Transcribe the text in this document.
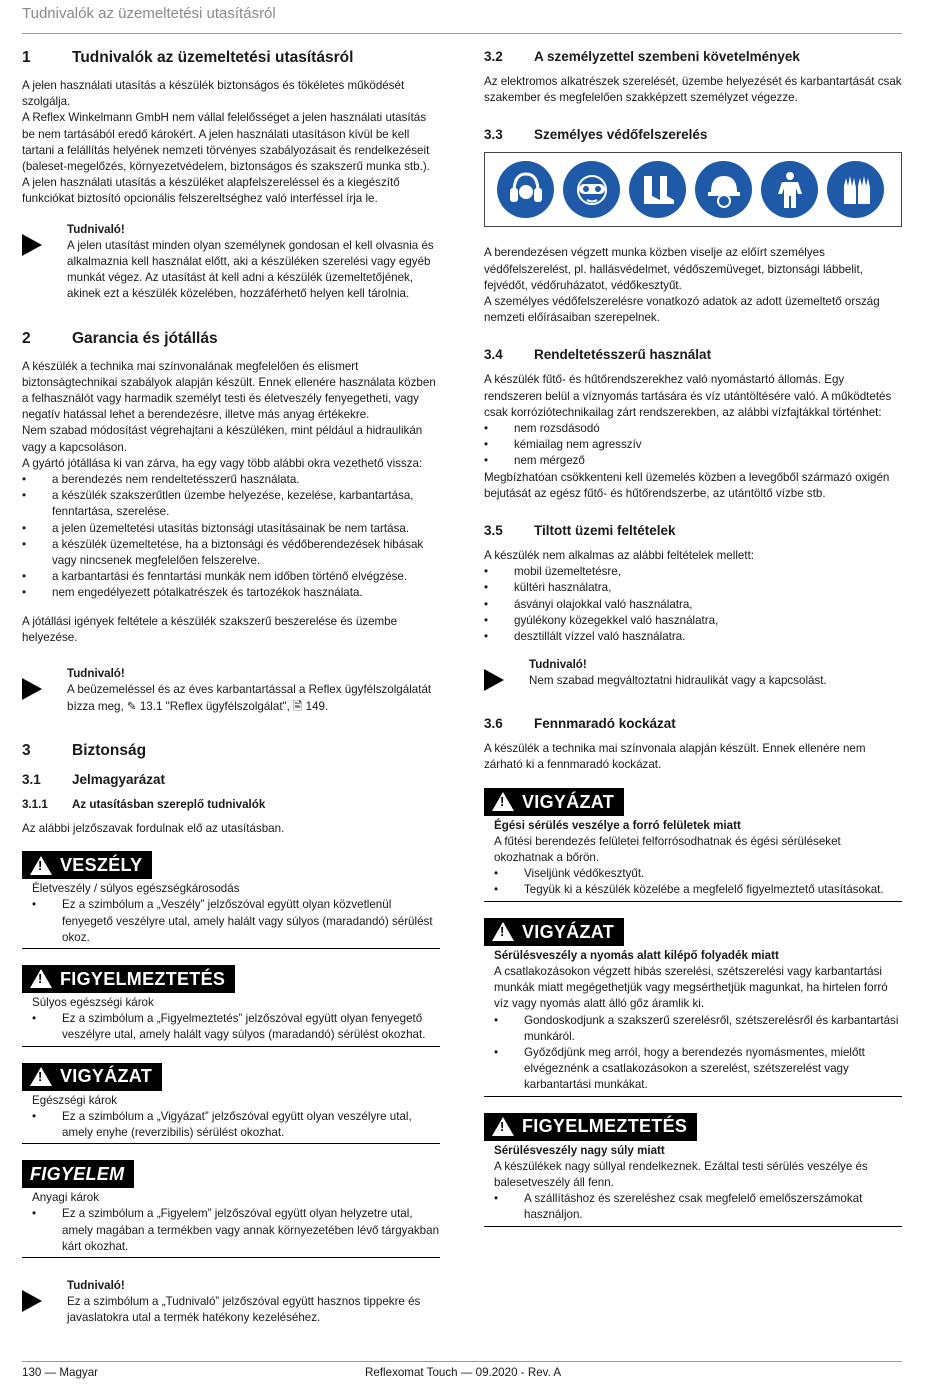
Tudnivalók az üzemeltetési utasításról
1	Tudnivalók az üzemeltetési utasításról

A jelen használati utasítás a készülék biztonságos és tökéletes működését szolgálja.

A Reflex Winkelmann GmbH nem vállal felelősséget a jelen használati utasítás be nem tartásából eredő károkért. A jelen használati utasításon kívül be kell tartani a felállítás helyének nemzeti törvényes szabályozásait és rendelkezéseit (baleset-megelőzés, környezetvédelem, biztonságos és szakszerű munka stb.).

A jelen használati utasítás a készüléket alapfelszereléssel és a kiegészítő funkciókat biztosító opcionális felszereltséghez való interféssel írja le.

Tudnivaló!

A jelen utasítást minden olyan személynek gondosan el kell olvasnia és alkalmaznia kell használat előtt, aki a készüléken szerelési vagy egyéb munkát végez. Az utasítást át kell adni a készülék üzemeltetőjének, akinek ezt a készülék közelében, hozzáférhető helyen kell tárolnia.

2	Garancia és jótállás

A készülék a technika mai színvonalának megfelelően és elismert biztonságtechnikai szabályok alapján készült. Ennek ellenére használata közben a felhasználót vagy harmadik személyt testi és életveszély fenyegetheti, vagy negatív hatással lehet a berendezésre, illetve más anyag értékekre.

Nem szabad módosítást végrehajtani a készüléken, mint például a hidraulikán vagy a kapcsoláson.

A gyártó jótállása ki van zárva, ha egy vagy több alábbi okra vezethető vissza:

• a berendezés nem rendeltetésszerű használata.
• a készülék szakszerűtlen üzembe helyezése, kezelése, karbantartása, fenntartása, szerelése.
• a jelen üzemeltetési utasítás biztonsági utasításainak be nem tartása.
• a készülék üzemeltetése, ha a biztonsági és védőberendezések hibásak vagy nincsenek megfelelően felszerelve.
• a karbantartási és fenntartási munkák nem időben történő elvégzése.
• nem engedélyezett pótalkatrészek és tartozékok használata.

A jótállási igények feltétele a készülék szakszerű beszerelése és üzembe helyezése.

Tudnivaló!

A beüzemeléssel és az éves karbantartással a Reflex ügyfélszolgálatát bízza meg, ✎ 13.1 "Reflex ügyfélszolgálat", 🖹 149.

3	Biztonság
3.1	Jelmagyarázat
3.1.1	Az utasításban szereplő tudnivalók

Az alábbi jelzőszavak fordulnak elő az utasításban.

!
VESZÉLY

Életveszély / súlyos egészségkárosodás

• Ez a szimbólum a „Veszély” jelzőszóval együtt olyan közvetlenül fenyegető veszélyre utal, amely halált vagy súlyos (maradandó) sérülést okoz.
!
FIGYELMEZTETÉS

Súlyos egészségi károk

• Ez a szimbólum a „Figyelmeztetés” jelzőszóval együtt olyan fenyegető veszélyre utal, amely halált vagy súlyos (maradandó) sérülést okozhat.
!
VIGYÁZAT

Egészségi károk

• Ez a szimbólum a „Vigyázat” jelzőszóval együtt olyan veszélyre utal, amely enyhe (reverzibilis) sérülést okozhat.
FIGYELEM

Anyagi károk

• Ez a szimbólum a „Figyelem” jelzőszóval együtt olyan helyzetre utal, amely magában a termékben vagy annak környezetében lévő tárgyakban kárt okozhat.

Tudnivaló!

Ez a szimbólum a „Tudnivaló” jelzőszóval együtt hasznos tippekre és javaslatokra utal a termék hatékony kezeléséhez.

3.2	A személyzettel szembeni követelmények

Az elektromos alkatrészek szerelését, üzembe helyezését és karbantartását csak szakember és megfelelően szakképzett személyzet végezze.

3.3	Személyes védőfelszerelés

A berendezésen végzett munka közben viselje az előírt személyes védőfelszerelést, pl. hallásvédelmet, védőszemüveget, biztonsági lábbelit, fejvédőt, védőruházatot, védőkesztyűt.

A személyes védőfelszerelésre vonatkozó adatok az adott üzemeltető ország nemzeti előírásaiban szerepelnek.

3.4	Rendeltetésszerű használat

A készülék fűtő- és hűtőrendszerekhez való nyomástartó állomás. Egy rendszeren belül a víznyomás tartására és víz utántöltésére való. A működtetés csak korróziótechnikailag zárt rendszerekben, az alábbi vízfajtákkal történhet:

• nem rozsdásodó
• kémiailag nem agresszív
• nem mérgező

Megbízhatóan csökkenteni kell üzemelés közben a levegőből származó oxigén bejutását az egész fűtő- és hűtőrendszerbe, az utántöltő vízbe stb.

3.5	Tiltott üzemi feltételek

A készülék nem alkalmas az alábbi feltételek mellett:

• mobil üzemeltetésre,
• kültéri használatra,
• ásványi olajokkal való használatra,
• gyúlékony közegekkel való használatra,
• desztillált vízzel való használatra.

Tudnivaló!

Nem szabad megváltoztatni hidraulikát vagy a kapcsolást.

3.6	Fennmaradó kockázat

A készülék a technika mai színvonala alapján készült. Ennek ellenére nem zárható ki a fennmaradó kockázat.

!
VIGYÁZAT

Égési sérülés veszélye a forró felületek miatt

A fűtési berendezés felületei felforrósodhatnak és égési sérüléseket okozhatnak a bőrön.

• Viseljünk védőkesztyűt.
• Tegyük ki a készülék közelébe a megfelelő figyelmeztető utasításokat.
!
VIGYÁZAT

Sérülésveszély a nyomás alatt kilépő folyadék miatt

A csatlakozásokon végzett hibás szerelési, szétszerelési vagy karbantartási munkák miatt megégethetjük vagy megsérthetjük magunkat, ha hirtelen forró víz vagy nyomás alatt álló gőz áramlik ki.

• Gondoskodjunk a szakszerű szerelésről, szétszerelésről és karbantartási munkáról.
• Győződjünk meg arról, hogy a berendezés nyomásmentes, mielőtt elvégeznénk a csatlakozásokon a szerelést, szétszerelést vagy karbantartási munkákat.
!
FIGYELMEZTETÉS

Sérülésveszély nagy súly miatt

A készülékek nagy súllyal rendelkeznek. Ezáltal testi sérülés veszélye és balesetveszély áll fenn.

• A szállításhoz és szereléshez csak megfelelő emelőszerszámokat használjon.
130 — Magyar	Reflexomat Touch — 09.2020 - Rev. A
